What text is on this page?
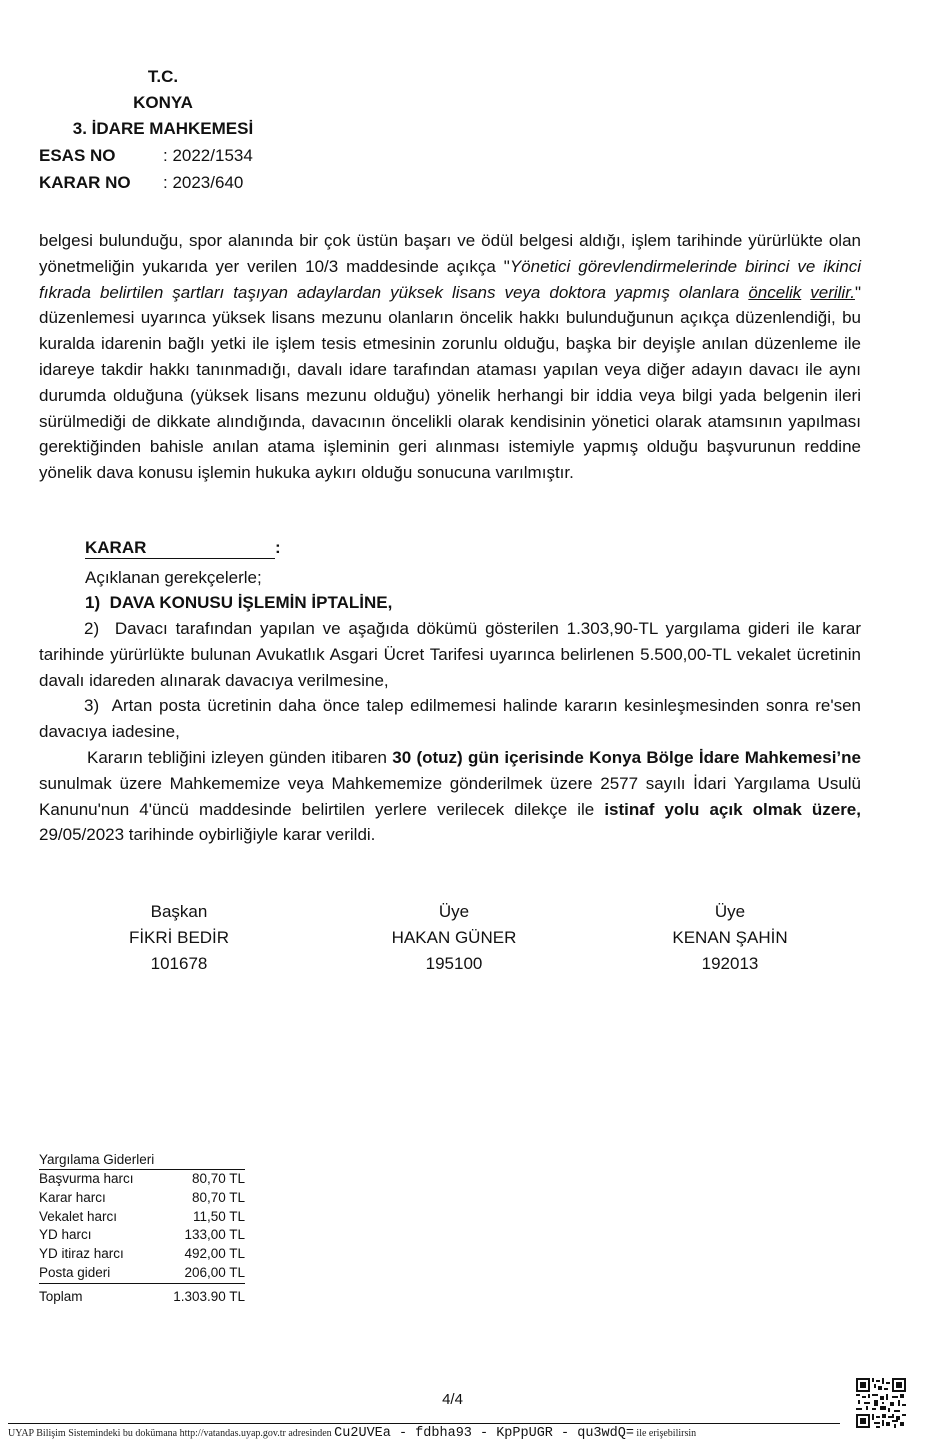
T.C.
KONYA
3. İDARE MAHKEMESİ
ESAS NO	: 2022/1534
KARAR NO : 2023/640

belgesi bulunduğu, spor alanında bir çok üstün başarı ve ödül belgesi aldığı, işlem tarihinde yürürlükte olan yönetmeliğin yukarıda yer verilen 10/3 maddesinde açıkça "Yönetici görevlendirmelerinde birinci ve ikinci fıkrada belirtilen şartları taşıyan adaylardan yüksek lisans veya doktora yapmış olanlara öncelik verilir." düzenlemesi uyarınca yüksek lisans mezunu olanların öncelik hakkı bulunduğunun açıkça düzenlendiği, bu kuralda idarenin bağlı yetki ile işlem tesis etmesinin zorunlu olduğu, başka bir deyişle anılan düzenleme ile idareye takdir hakkı tanınmadığı, davalı idare tarafından ataması yapılan veya diğer adayın davacı ile aynı durumda olduğuna (yüksek lisans mezunu olduğu) yönelik herhangi bir iddia veya bilgi yada belgenin ileri sürülmediği de dikkate alındığında, davacının öncelikli olarak kendisinin yönetici olarak atamsının yapılması gerektiğinden bahisle anılan atama işleminin geri alınması istemiyle yapmış olduğu başvurunun reddine yönelik dava konusu işlemin hukuka aykırı olduğu sonucuna varılmıştır.

KARAR	:
Açıklanan gerekçelerle;
1) DAVA KONUSU İŞLEMİN İPTALİNE,

2) Davacı tarafından yapılan ve aşağıda dökümü gösterilen 1.303,90-TL yargılama gideri ile karar tarihinde yürürlükte bulunan Avukatlık Asgari Ücret Tarifesi uyarınca belirlenen 5.500,00-TL vekalet ücretinin davalı idareden alınarak davacıya verilmesine,

3) Artan posta ücretinin daha önce talep edilmemesi halinde kararın kesinleşmesinden sonra re'sen davacıya iadesine,

Kararın tebliğini izleyen günden itibaren 30 (otuz) gün içerisinde Konya Bölge İdare Mahkemesi’ne sunulmak üzere Mahkememize veya Mahkememize gönderilmek üzere 2577 sayılı İdari Yargılama Usulü Kanunu'nun 4'üncü maddesinde belirtilen yerlere verilecek dilekçe ile istinaf yolu açık olmak üzere, 29/05/2023 tarihinde oybirliğiyle karar verildi.

Başkan
FİKRİ BEDİR
101678
Üye
HAKAN GÜNER
195100
Üye
KENAN ŞAHİN
192013
Yargılama Giderleri
Başvurma harcı	80,70 TL
Karar harcı	80,70 TL
Vekalet harcı	11,50 TL
YD harcı	133,00 TL
YD itiraz harcı	492,00 TL
Posta gideri	206,00 TL
Toplam	1.303.90 TL
4/4
UYAP Bilişim Sistemindeki bu dokümana http://vatandas.uyap.gov.tr adresinden Cu2UVEa - fdbha93 - KpPpUGR - qu3wdQ= ile erişebilirsin
